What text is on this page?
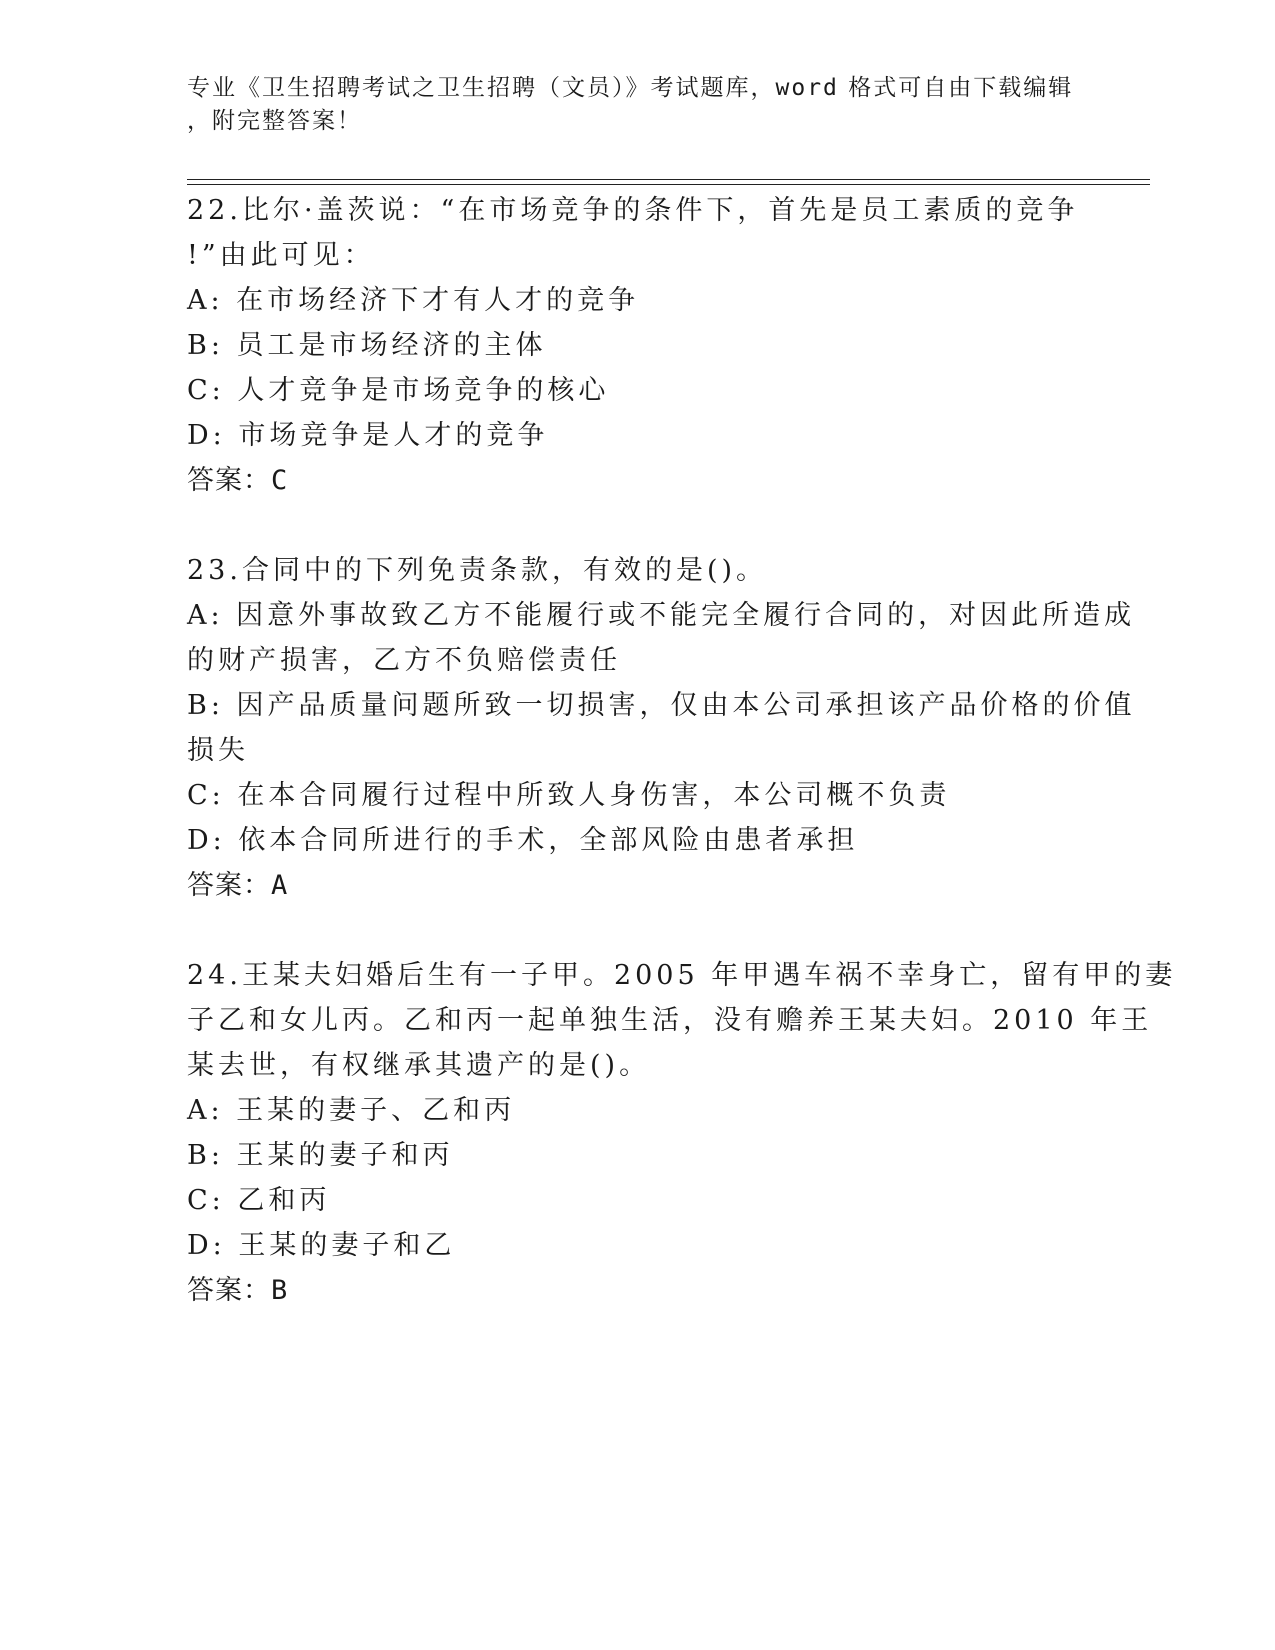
专业《卫生招聘考试之卫生招聘（文员）》考试题库，word 格式可自由下载编辑
，附完整答案！
22.比尔·盖茨说：“在市场竞争的条件下，首先是员工素质的竞争
!”由此可见：
A: 在市场经济下才有人才的竞争
B: 员工是市场经济的主体
C: 人才竞争是市场竞争的核心
D: 市场竞争是人才的竞争
答案：C
23.合同中的下列免责条款，有效的是()。
A: 因意外事故致乙方不能履行或不能完全履行合同的，对因此所造成
的财产损害，乙方不负赔偿责任
B: 因产品质量问题所致一切损害，仅由本公司承担该产品价格的价值
损失
C: 在本合同履行过程中所致人身伤害，本公司概不负责
D: 依本合同所进行的手术，全部风险由患者承担
答案：A
24.王某夫妇婚后生有一子甲。2005 年甲遇车祸不幸身亡，留有甲的妻
子乙和女儿丙。乙和丙一起单独生活，没有赡养王某夫妇。2010 年王
某去世，有权继承其遗产的是()。
A: 王某的妻子、乙和丙
B: 王某的妻子和丙
C: 乙和丙
D: 王某的妻子和乙
答案：B
